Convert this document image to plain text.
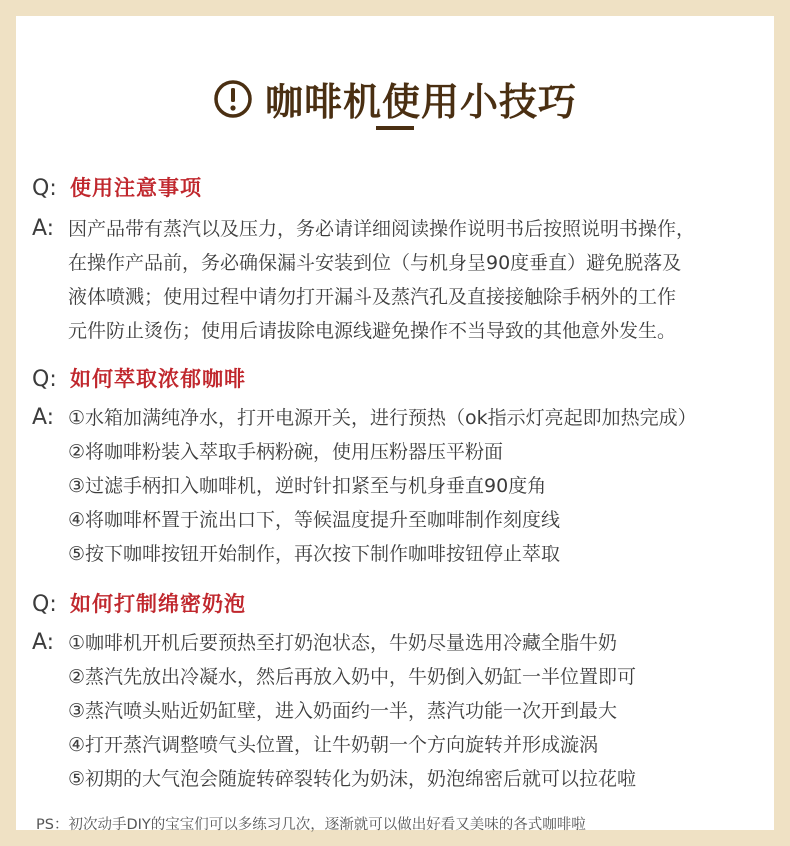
咖啡机使用小技巧
Q: 使用注意事项
A: 因产品带有蒸汽以及压力，务必请详细阅读操作说明书后按照说明书操作，
在操作产品前，务必确保漏斗安装到位（与机身呈90度垂直）避免脱落及
液体喷溅；使用过程中请勿打开漏斗及蒸汽孔及直接接触除手柄外的工作
元件防止烫伤；使用后请拔除电源线避免操作不当导致的其他意外发生。
Q: 如何萃取浓郁咖啡
A: ①水箱加满纯净水，打开电源开关，进行预热（ok指示灯亮起即加热完成）
②将咖啡粉装入萃取手柄粉碗，使用压粉器压平粉面
③过滤手柄扣入咖啡机，逆时针扣紧至与机身垂直90度角
④将咖啡杯置于流出口下，等候温度提升至咖啡制作刻度线
⑤按下咖啡按钮开始制作，再次按下制作咖啡按钮停止萃取
Q: 如何打制绵密奶泡
A: ①咖啡机开机后要预热至打奶泡状态，牛奶尽量选用冷藏全脂牛奶
②蒸汽先放出冷凝水，然后再放入奶中，牛奶倒入奶缸一半位置即可
③蒸汽喷头贴近奶缸壁，进入奶面约一半，蒸汽功能一次开到最大
④打开蒸汽调整喷气头位置，让牛奶朝一个方向旋转并形成漩涡
⑤初期的大气泡会随旋转碎裂转化为奶沫，奶泡绵密后就可以拉花啦
PS：初次动手DIY的宝宝们可以多练习几次，逐渐就可以做出好看又美味的各式咖啡啦
